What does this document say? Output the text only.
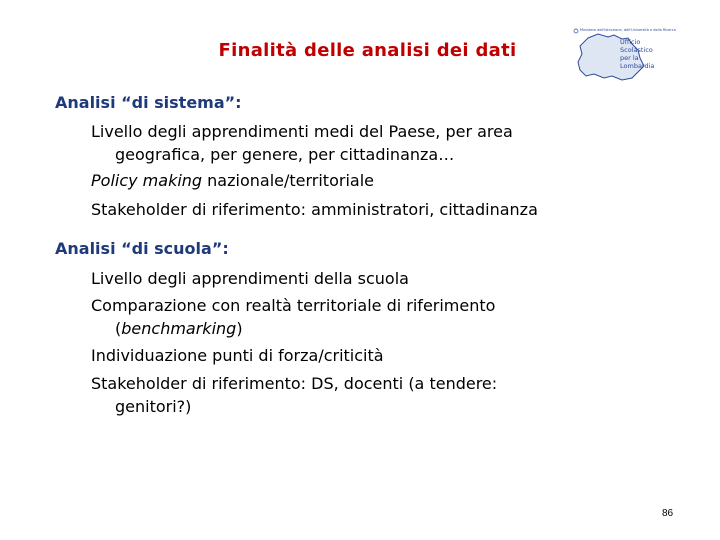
Finalità delle analisi dei dati
Ministero dell'Istruzione, dell'Università e della Ricerca
Ufficio
Scolastico
per la
Lombardia
Analisi “di sistema”:
Livello degli apprendimenti medi del Paese, per area
geografica, per genere, per cittadinanza…
Policy making nazionale/territoriale
Stakeholder di riferimento: amministratori, cittadinanza
Analisi “di scuola”:
Livello degli apprendimenti della scuola
Comparazione con realtà territoriale di riferimento
(benchmarking)
Individuazione punti di forza/criticità
Stakeholder di riferimento: DS, docenti (a tendere:
genitori?)
86
